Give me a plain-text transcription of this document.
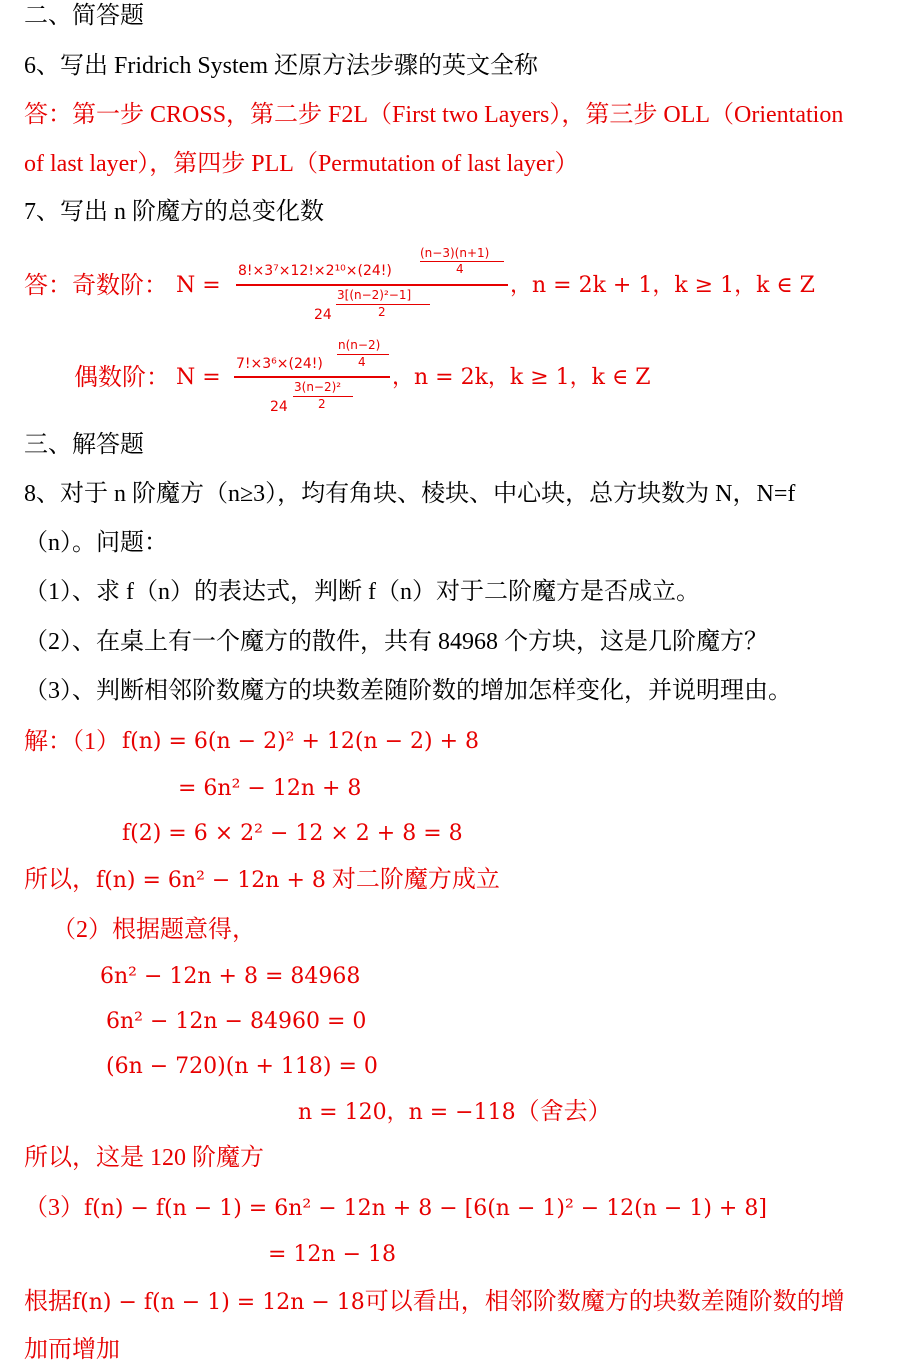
二、简答题
6、写出 Fridrich System 还原方法步骤的英文全称
答：第一步 CROSS，第二步 F2L（First two Layers），第三步 OLL（Orientation
of last layer），第四步 PLL（Permutation of last layer）
7、写出 n 阶魔方的总变化数
答：奇数阶： N =
(n−3)(n+1)
4
8!×3⁷×12!×2¹⁰×(24!)
3[(n−2)²−1]
2
24
，n = 2k + 1，k ≥ 1，k ∈ Z
偶数阶： N =
n(n−2)
4
7!×3⁶×(24!)
3(n−2)²
2
24
，n = 2k，k ≥ 1，k ∈ Z
三、解答题
8、对于 n 阶魔方（n≥3），均有角块、棱块、中心块，总方块数为 N，N=f
（n）。问题：
（1）、求 f（n）的表达式，判断 f（n）对于二阶魔方是否成立。
（2）、在桌上有一个魔方的散件，共有 84968 个方块，这是几阶魔方？
（3）、判断相邻阶数魔方的块数差随阶数的增加怎样变化，并说明理由。
解：（1） f(n) = 6(n − 2)² + 12(n − 2) + 8
= 6n² − 12n + 8
f(2) = 6 × 2² − 12 × 2 + 8 = 8
所以，f(n) = 6n² − 12n + 8 对二阶魔方成立
（2）根据题意得，
6n² − 12n + 8 = 84968
6n² − 12n − 84960 = 0
(6n − 720)(n + 118) = 0
n = 120，n = −118（舍去）
所以，这是 120 阶魔方
（3）f(n) − f(n − 1) = 6n² − 12n + 8 − [6(n − 1)² − 12(n − 1) + 8]
= 12n − 18
根据f(n) − f(n − 1) = 12n − 18可以看出，相邻阶数魔方的块数差随阶数的增
加而增加
